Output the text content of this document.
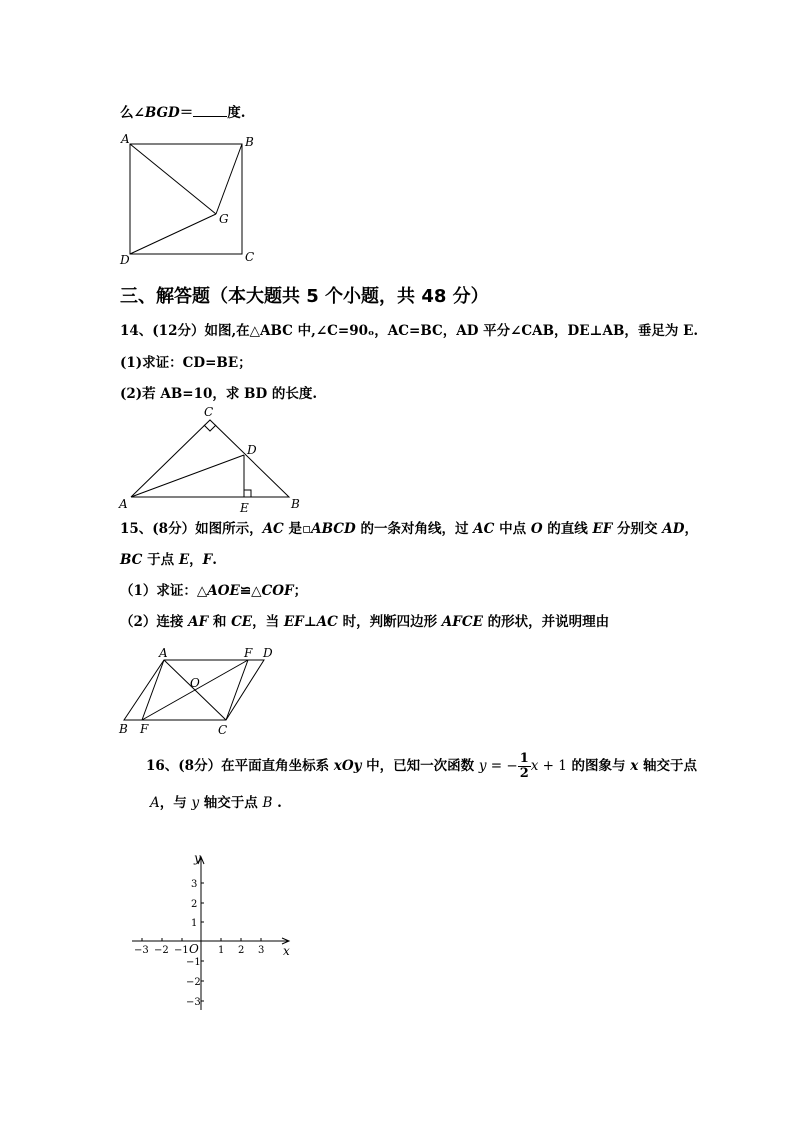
么∠BGD＝	度.
A	B
C
D
G
A	B
C
D
E
A	F D
O
B F	C
y
x
O
−3 −2 −1	1 2 3
3
2
1
−1
−2
−3
三、解答题（本大题共 5 个小题，共 48 分）
14、(12分）如图,在△ABC 中,∠C=90ₒ，AC=BC，AD 平分∠CAB，DE⊥AB，垂足为 E.
(1)求证：CD=BE；
(2)若 AB=10，求 BD 的长度.
15、(8分）如图所示，AC 是▫ABCD 的一条对角线，过 AC 中点 O 的直线 EF 分别交 AD，
BC 于点 E，F.
（1）求证：△AOE≌△COF；
（2）连接 AF 和 CE，当 EF⊥AC 时，判断四边形 AFCE 的形状，并说明理由
16、(8分）在平面直角坐标系 xOy 中，已知一次函数 y = − $\frac{1}{2}$ x + 1 的图象与 x 轴交于点
A，与 y 轴交于点 B .
